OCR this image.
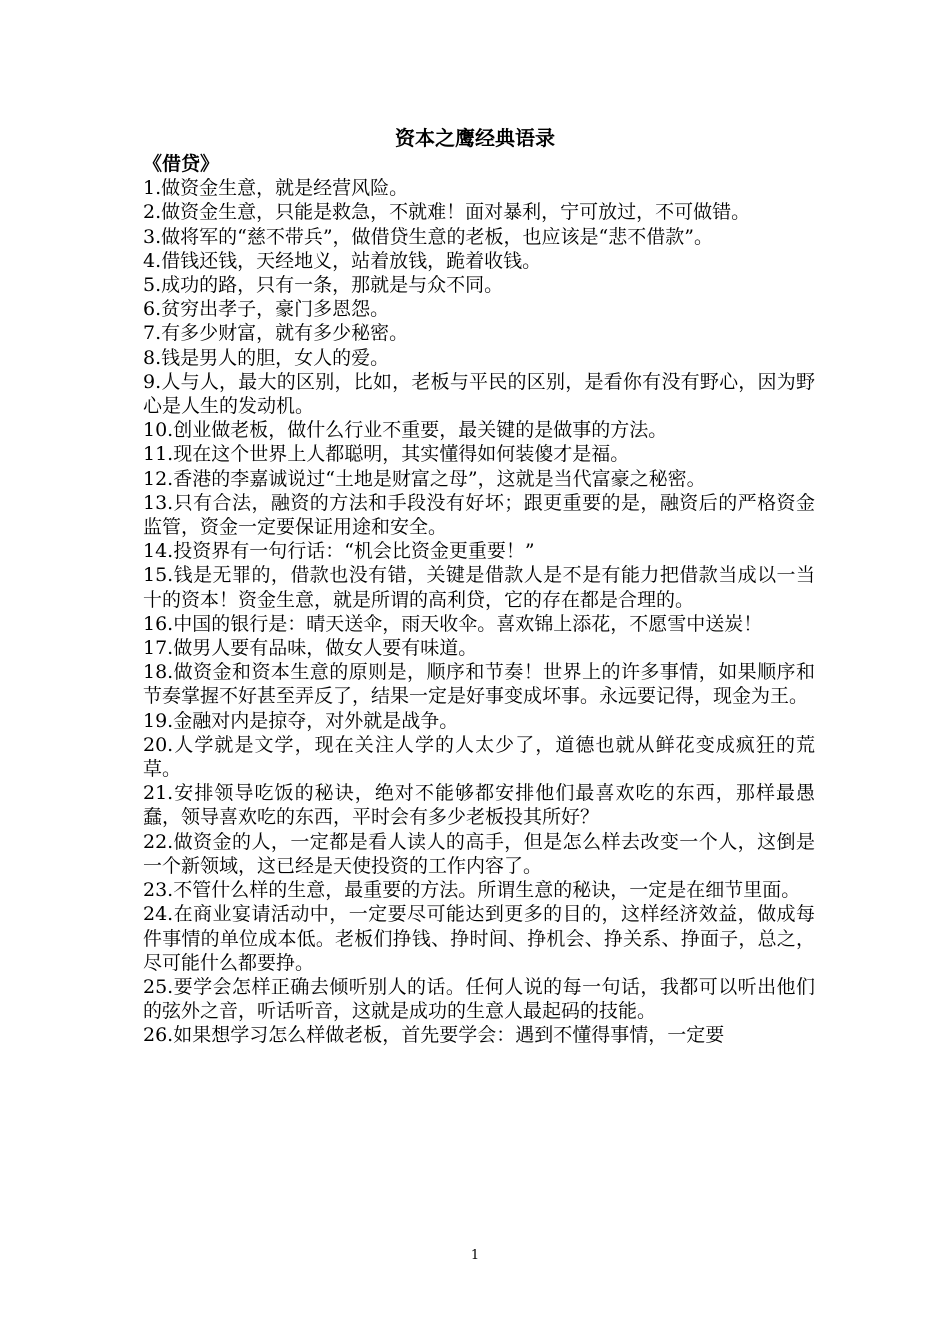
资本之鹰经典语录
《借贷》
1.做资金生意，就是经营风险。
2.做资金生意，只能是救急，不就难！面对暴利，宁可放过，不可做错。
3.做将军的“慈不带兵”，做借贷生意的老板，也应该是“悲不借款”。
4.借钱还钱，天经地义，站着放钱，跪着收钱。
5.成功的路，只有一条，那就是与众不同。
6.贫穷出孝子，豪门多恩怨。
7.有多少财富，就有多少秘密。
8.钱是男人的胆，女人的爱。
9.人与人，最大的区别，比如，老板与平民的区别，是看你有没有野心，因为野心是人生的发动机。
10.创业做老板，做什么行业不重要，最关键的是做事的方法。
11.现在这个世界上人都聪明，其实懂得如何装傻才是福。
12.香港的李嘉诚说过“土地是财富之母”，这就是当代富豪之秘密。
13.只有合法，融资的方法和手段没有好坏；跟更重要的是，融资后的严格资金监管，资金一定要保证用途和安全。
14.投资界有一句行话：“机会比资金更重要！”
15.钱是无罪的，借款也没有错，关键是借款人是不是有能力把借款当成以一当十的资本！资金生意，就是所谓的高利贷，它的存在都是合理的。
16.中国的银行是：晴天送伞，雨天收伞。喜欢锦上添花，不愿雪中送炭！
17.做男人要有品味，做女人要有味道。
18.做资金和资本生意的原则是，顺序和节奏！世界上的许多事情，如果顺序和节奏掌握不好甚至弄反了，结果一定是好事变成坏事。永远要记得，现金为王。
19.金融对内是掠夺，对外就是战争。
20.人学就是文学，现在关注人学的人太少了，道德也就从鲜花变成疯狂的荒草。
21.安排领导吃饭的秘诀，绝对不能够都安排他们最喜欢吃的东西，那样最愚蠢，领导喜欢吃的东西，平时会有多少老板投其所好？
22.做资金的人，一定都是看人读人的高手，但是怎么样去改变一个人，这倒是一个新领域，这已经是天使投资的工作内容了。
23.不管什么样的生意，最重要的方法。所谓生意的秘诀，一定是在细节里面。
24.在商业宴请活动中，一定要尽可能达到更多的目的，这样经济效益，做成每件事情的单位成本低。老板们挣钱、挣时间、挣机会、挣关系、挣面子，总之，尽可能什么都要挣。
25.要学会怎样正确去倾听别人的话。任何人说的每一句话，我都可以听出他们的弦外之音，听话听音，这就是成功的生意人最起码的技能。
26.如果想学习怎么样做老板，首先要学会：遇到不懂得事情，一定要
1
